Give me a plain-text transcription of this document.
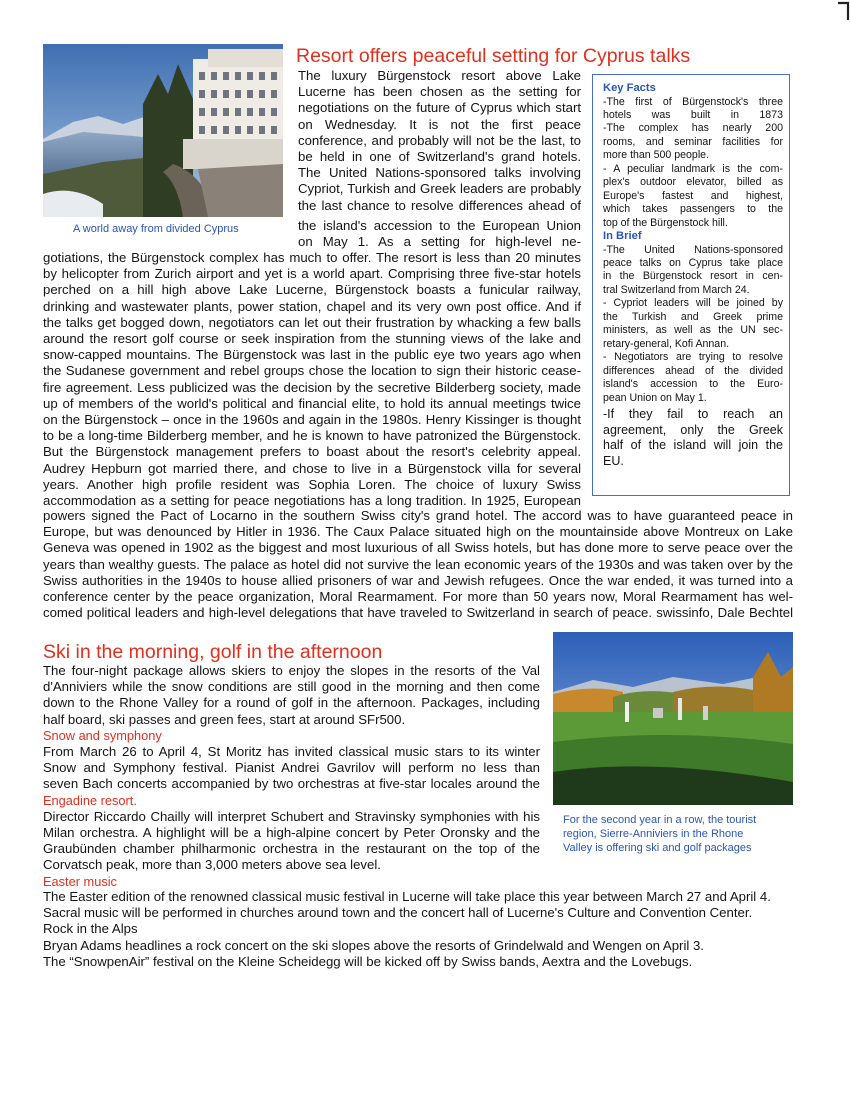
A world away from divided Cyprus
Resort offers peaceful setting for Cyprus talks
The luxury Bürgenstock resort above Lake
Lucerne has been chosen as the setting for
negotiations on the future of Cyprus which start
on Wednesday. It is not the first peace
conference, and probably will not be the last, to
be held in one of Switzerland's grand hotels.
The United Nations-sponsored talks involving
Cypriot, Turkish and Greek leaders are probably
the last chance to resolve differences ahead of
the island's accession to the European Union
on May 1. As a setting for high-level ne-
gotiations, the Bürgenstock complex has much to offer. The resort is less than 20 minutes
by helicopter from Zurich airport and yet is a world apart. Comprising three five-star hotels
perched on a hill high above Lake Lucerne, Bürgenstock boasts a funicular railway,
drinking and wastewater plants, power station, chapel and its very own post office. And if
the talks get bogged down, negotiators can let out their frustration by whacking a few balls
around the resort golf course or seek inspiration from the stunning views of the lake and
snow-capped mountains. The Bürgenstock was last in the public eye two years ago when
the Sudanese government and rebel groups chose the location to sign their historic cease-
fire agreement. Less publicized was the decision by the secretive Bilderberg society, made
up of members of the world's political and financial elite, to hold its annual meetings twice
on the Bürgenstock – once in the 1960s and again in the 1980s. Henry Kissinger is thought
to be a long-time Bilderberg member, and he is known to have patronized the Bürgenstock.
But the Bürgenstock management prefers to boast about the resort's celebrity appeal.
Audrey Hepburn got married there, and chose to live in a Bürgenstock villa for several
years. Another high profile resident was Sophia Loren. The choice of luxury Swiss
accommodation as a setting for peace negotiations has a long tradition. In 1925, European
powers signed the Pact of Locarno in the southern Swiss city's grand hotel. The accord was to have guaranteed peace in
Europe, but was denounced by Hitler in 1936. The Caux Palace situated high on the mountainside above Montreux on Lake
Geneva was opened in 1902 as the biggest and most luxurious of all Swiss hotels, but has done more to serve peace over the
years than wealthy guests. The palace as hotel did not survive the lean economic years of the 1930s and was taken over by the
Swiss authorities in the 1940s to house allied prisoners of war and Jewish refugees. Once the war ended, it was turned into a
conference center by the peace organization, Moral Rearmament. For more than 50 years now, Moral Rearmament has wel-
comed political leaders and high-level delegations that have traveled to Switzerland in search of peace. swissinfo, Dale Bechtel
Key Facts
-The first of Bürgenstock's three
hotels was built in 1873
-The complex has nearly 200
rooms, and seminar facilities for
more than 500 people.
- A peculiar landmark is the com-
plex's outdoor elevator, billed as
Europe's fastest and highest,
which takes passengers to the
top of the Bürgenstock hill.
In Brief
-The United Nations-sponsored
peace talks on Cyprus take place
in the Bürgenstock resort in cen-
tral Switzerland from March 24.
- Cypriot leaders will be joined by
the Turkish and Greek prime
ministers, as well as the UN sec-
retary-general, Kofi Annan.
- Negotiators are trying to resolve
differences ahead of the divided
island's accession to the Euro-
pean Union on May 1.
-If they fail to reach an
agreement, only the Greek
half of the island will join the
EU.
Ski in the morning, golf in the afternoon
For the second year in a row, the tourist
region, Sierre-Anniviers in the Rhone
Valley is offering ski and golf packages
The four-night package allows skiers to enjoy the slopes in the resorts of the Val
d'Anniviers while the snow conditions are still good in the morning and then come
down to the Rhone Valley for a round of golf in the afternoon. Packages, including
half board, ski passes and green fees, start at around SFr500.
Snow and symphony
From March 26 to April 4, St Moritz has invited classical music stars to its winter
Snow and Symphony festival. Pianist Andrei Gavrilov will perform no less than
seven Bach concerts accompanied by two orchestras at five-star locales around the
Engadine resort.
Director Riccardo Chailly will interpret Schubert and Stravinsky symphonies with his
Milan orchestra. A highlight will be a high-alpine concert by Peter Oronsky and the
Graubünden chamber philharmonic orchestra in the restaurant on the top of the
Corvatsch peak, more than 3,000 meters above sea level.
Easter music
The Easter edition of the renowned classical music festival in Lucerne will take place this year between March 27 and April 4.
Sacral music will be performed in churches around town and the concert hall of Lucerne's Culture and Convention Center.
Rock in the Alps
Bryan Adams headlines a rock concert on the ski slopes above the resorts of Grindelwald and Wengen on April 3.
The “SnowpenAir” festival on the Kleine Scheidegg will be kicked off by Swiss bands, Aextra and the Lovebugs.
